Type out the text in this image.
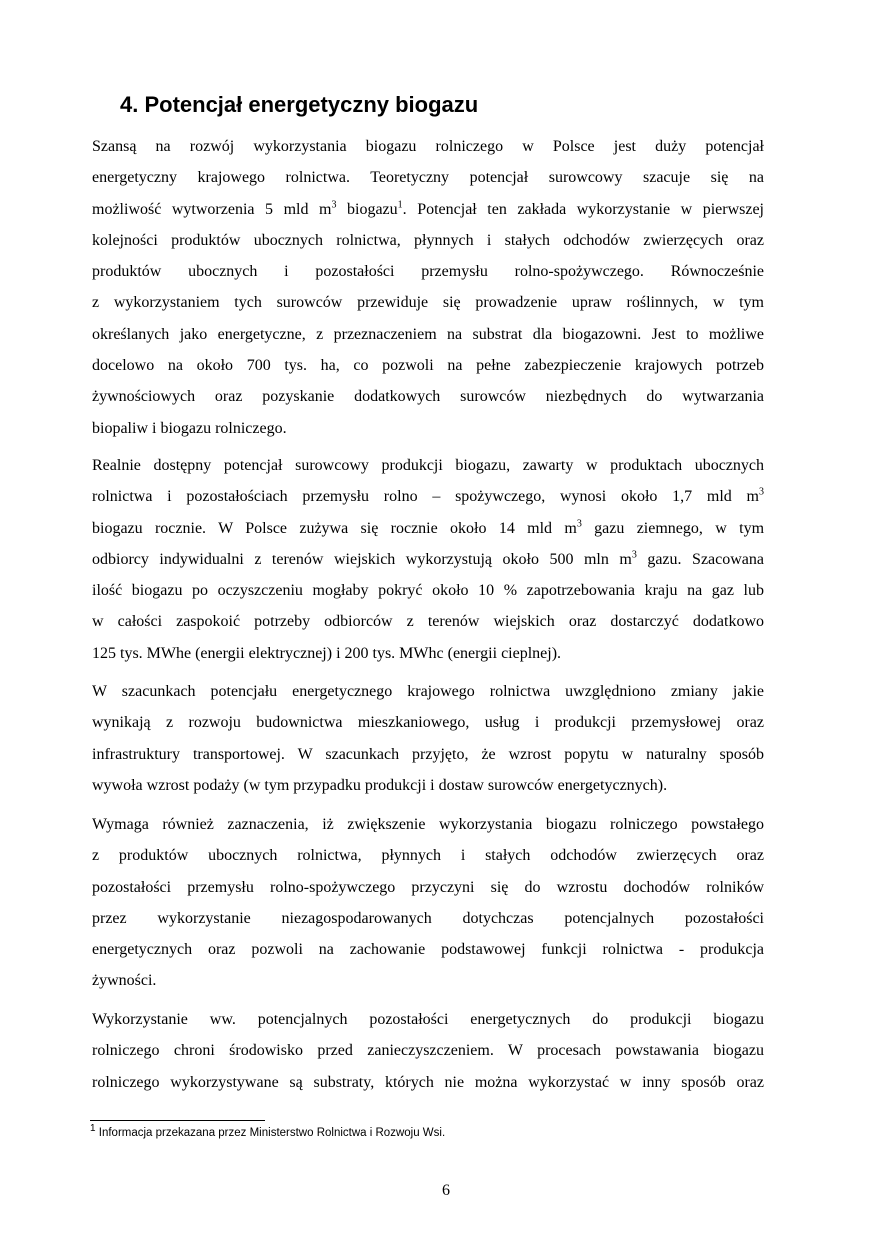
4. Potencjał energetyczny biogazu
Szansą na rozwój wykorzystania biogazu rolniczego w Polsce jest duży potencjał
energetyczny krajowego rolnictwa. Teoretyczny potencjał surowcowy szacuje się na
możliwość wytworzenia 5 mld $m^3$ biogazu$^1$. Potencjał ten zakłada wykorzystanie w pierwszej
kolejności produktów ubocznych rolnictwa, płynnych i stałych odchodów zwierzęcych oraz
produktów ubocznych i pozostałości przemysłu rolno-spożywczego. Równocześnie
z wykorzystaniem tych surowców przewiduje się prowadzenie upraw roślinnych, w tym
określanych jako energetyczne, z przeznaczeniem na substrat dla biogazowni. Jest to możliwe
docelowo na około 700 tys. ha, co pozwoli na pełne zabezpieczenie krajowych potrzeb
żywnościowych oraz pozyskanie dodatkowych surowców niezbędnych do wytwarzania
biopaliw i biogazu rolniczego.
Realnie dostępny potencjał surowcowy produkcji biogazu, zawarty w produktach ubocznych
rolnictwa i pozostałościach przemysłu rolno – spożywczego, wynosi około 1,7 mld $m^3$
biogazu rocznie. W Polsce zużywa się rocznie około 14 mld $m^3$ gazu ziemnego, w tym
odbiorcy indywidualni z terenów wiejskich wykorzystują około 500 mln $m^3$ gazu. Szacowana
ilość biogazu po oczyszczeniu mogłaby pokryć około 10 % zapotrzebowania kraju na gaz lub
w całości zaspokoić potrzeby odbiorców z terenów wiejskich oraz dostarczyć dodatkowo
125 tys. MWhe (energii elektrycznej) i 200 tys. MWhc (energii cieplnej).
W szacunkach potencjału energetycznego krajowego rolnictwa uwzględniono zmiany jakie
wynikają z rozwoju budownictwa mieszkaniowego, usług i produkcji przemysłowej oraz
infrastruktury transportowej. W szacunkach przyjęto, że wzrost popytu w naturalny sposób
wywoła wzrost podaży (w tym przypadku produkcji i dostaw surowców energetycznych).
Wymaga również zaznaczenia, iż zwiększenie wykorzystania biogazu rolniczego powstałego
z produktów ubocznych rolnictwa, płynnych i stałych odchodów zwierzęcych oraz
pozostałości przemysłu rolno-spożywczego przyczyni się do wzrostu dochodów rolników
przez wykorzystanie niezagospodarowanych dotychczas potencjalnych pozostałości
energetycznych oraz pozwoli na zachowanie podstawowej funkcji rolnictwa - produkcja
żywności.
Wykorzystanie ww. potencjalnych pozostałości energetycznych do produkcji biogazu
rolniczego chroni środowisko przed zanieczyszczeniem. W procesach powstawania biogazu
rolniczego wykorzystywane są substraty, których nie można wykorzystać w inny sposób oraz
$^1$ Informacja przekazana przez Ministerstwo Rolnictwa i Rozwoju Wsi.
6
